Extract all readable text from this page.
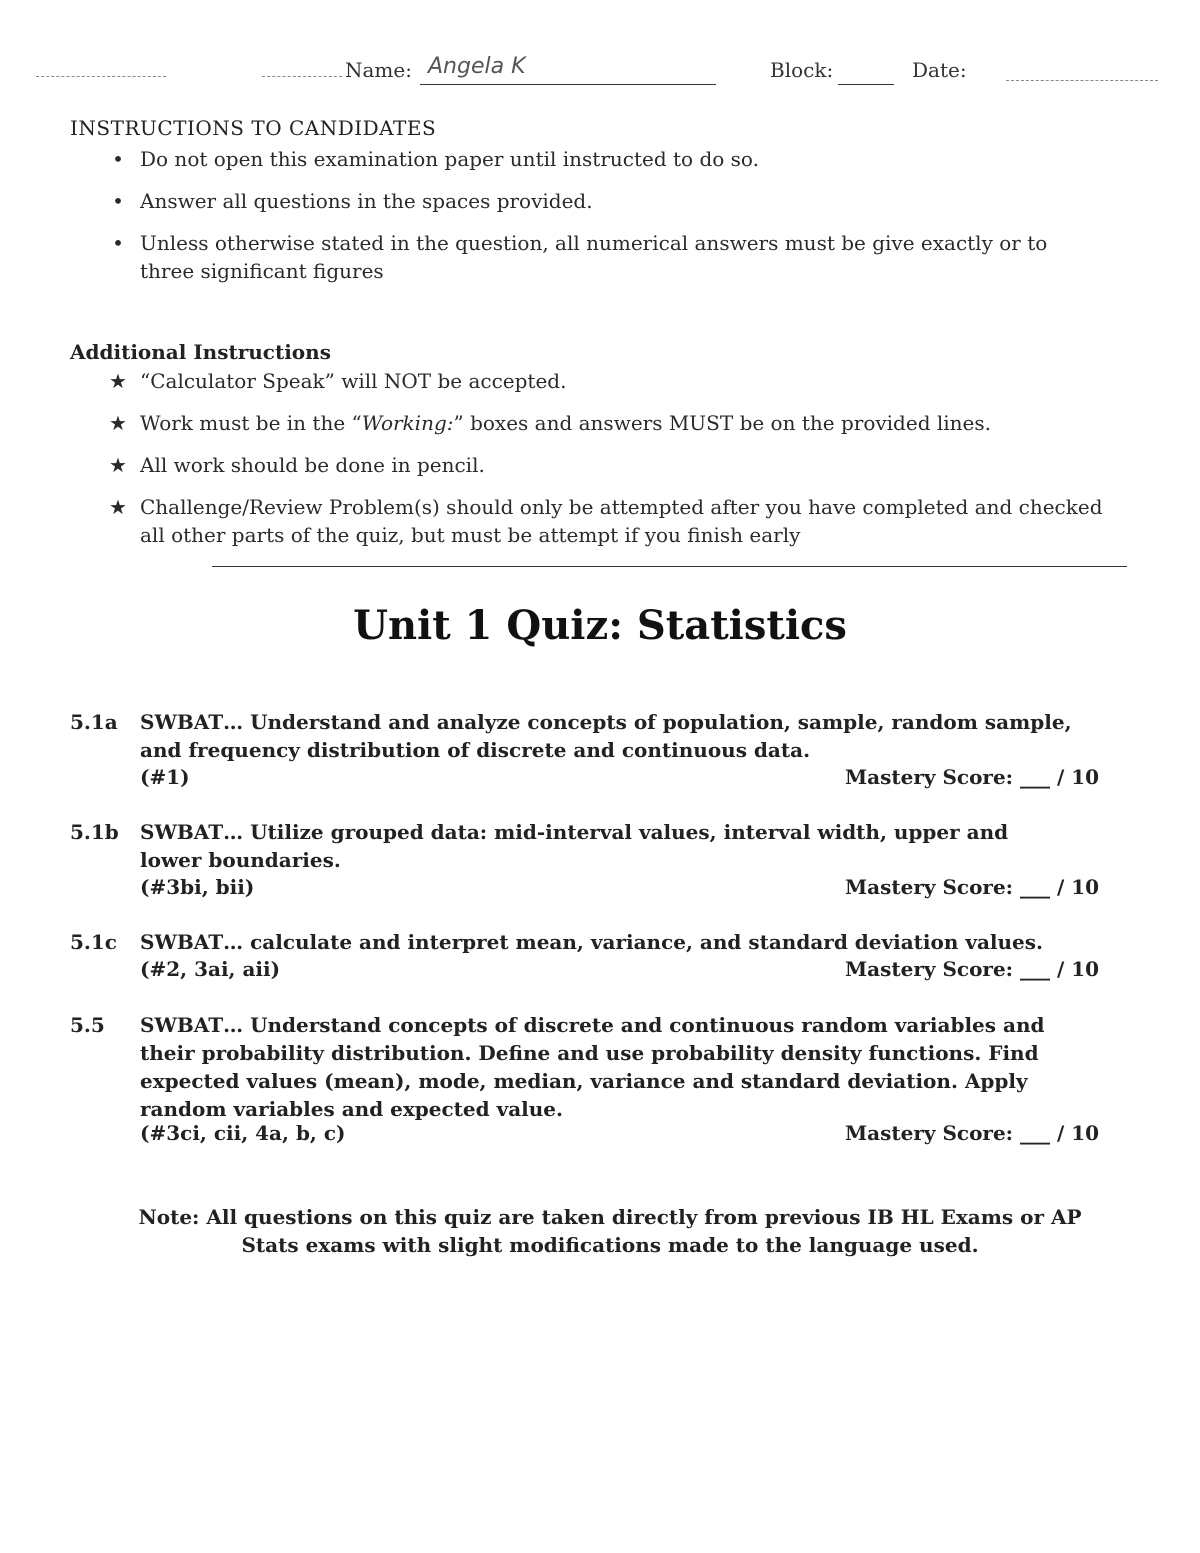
Name: Angela K	Block:	Date:
INSTRUCTIONS TO CANDIDATES
• Do not open this examination paper until instructed to do so.
• Answer all questions in the spaces provided.
• Unless otherwise stated in the question, all numerical answers must be give exactly or to three significant figures
Additional Instructions
★ “Calculator Speak” will NOT be accepted.
★ Work must be in the “Working:” boxes and answers MUST be on the provided lines.
★ All work should be done in pencil.
★ Challenge/Review Problem(s) should only be attempted after you have completed and checked all other parts of the quiz, but must be attempt if you finish early
Unit 1 Quiz: Statistics
5.1a SWBAT… Understand and analyze concepts of population, sample, random sample, and frequency distribution of discrete and continuous data.
(#1)	Mastery Score: ___ / 10
5.1b SWBAT… Utilize grouped data: mid-interval values, interval width, upper and lower boundaries.
(#3bi, bii)	Mastery Score: ___ / 10
5.1c SWBAT… calculate and interpret mean, variance, and standard deviation values.
(#2, 3ai, aii)	Mastery Score: ___ / 10
5.5 SWBAT… Understand concepts of discrete and continuous random variables and their probability distribution. Define and use probability density functions. Find expected values (mean), mode, median, variance and standard deviation. Apply random variables and expected value.
(#3ci, cii, 4a, b, c)	Mastery Score: ___ / 10
Note: All questions on this quiz are taken directly from previous IB HL Exams or AP Stats exams with slight modifications made to the language used.
